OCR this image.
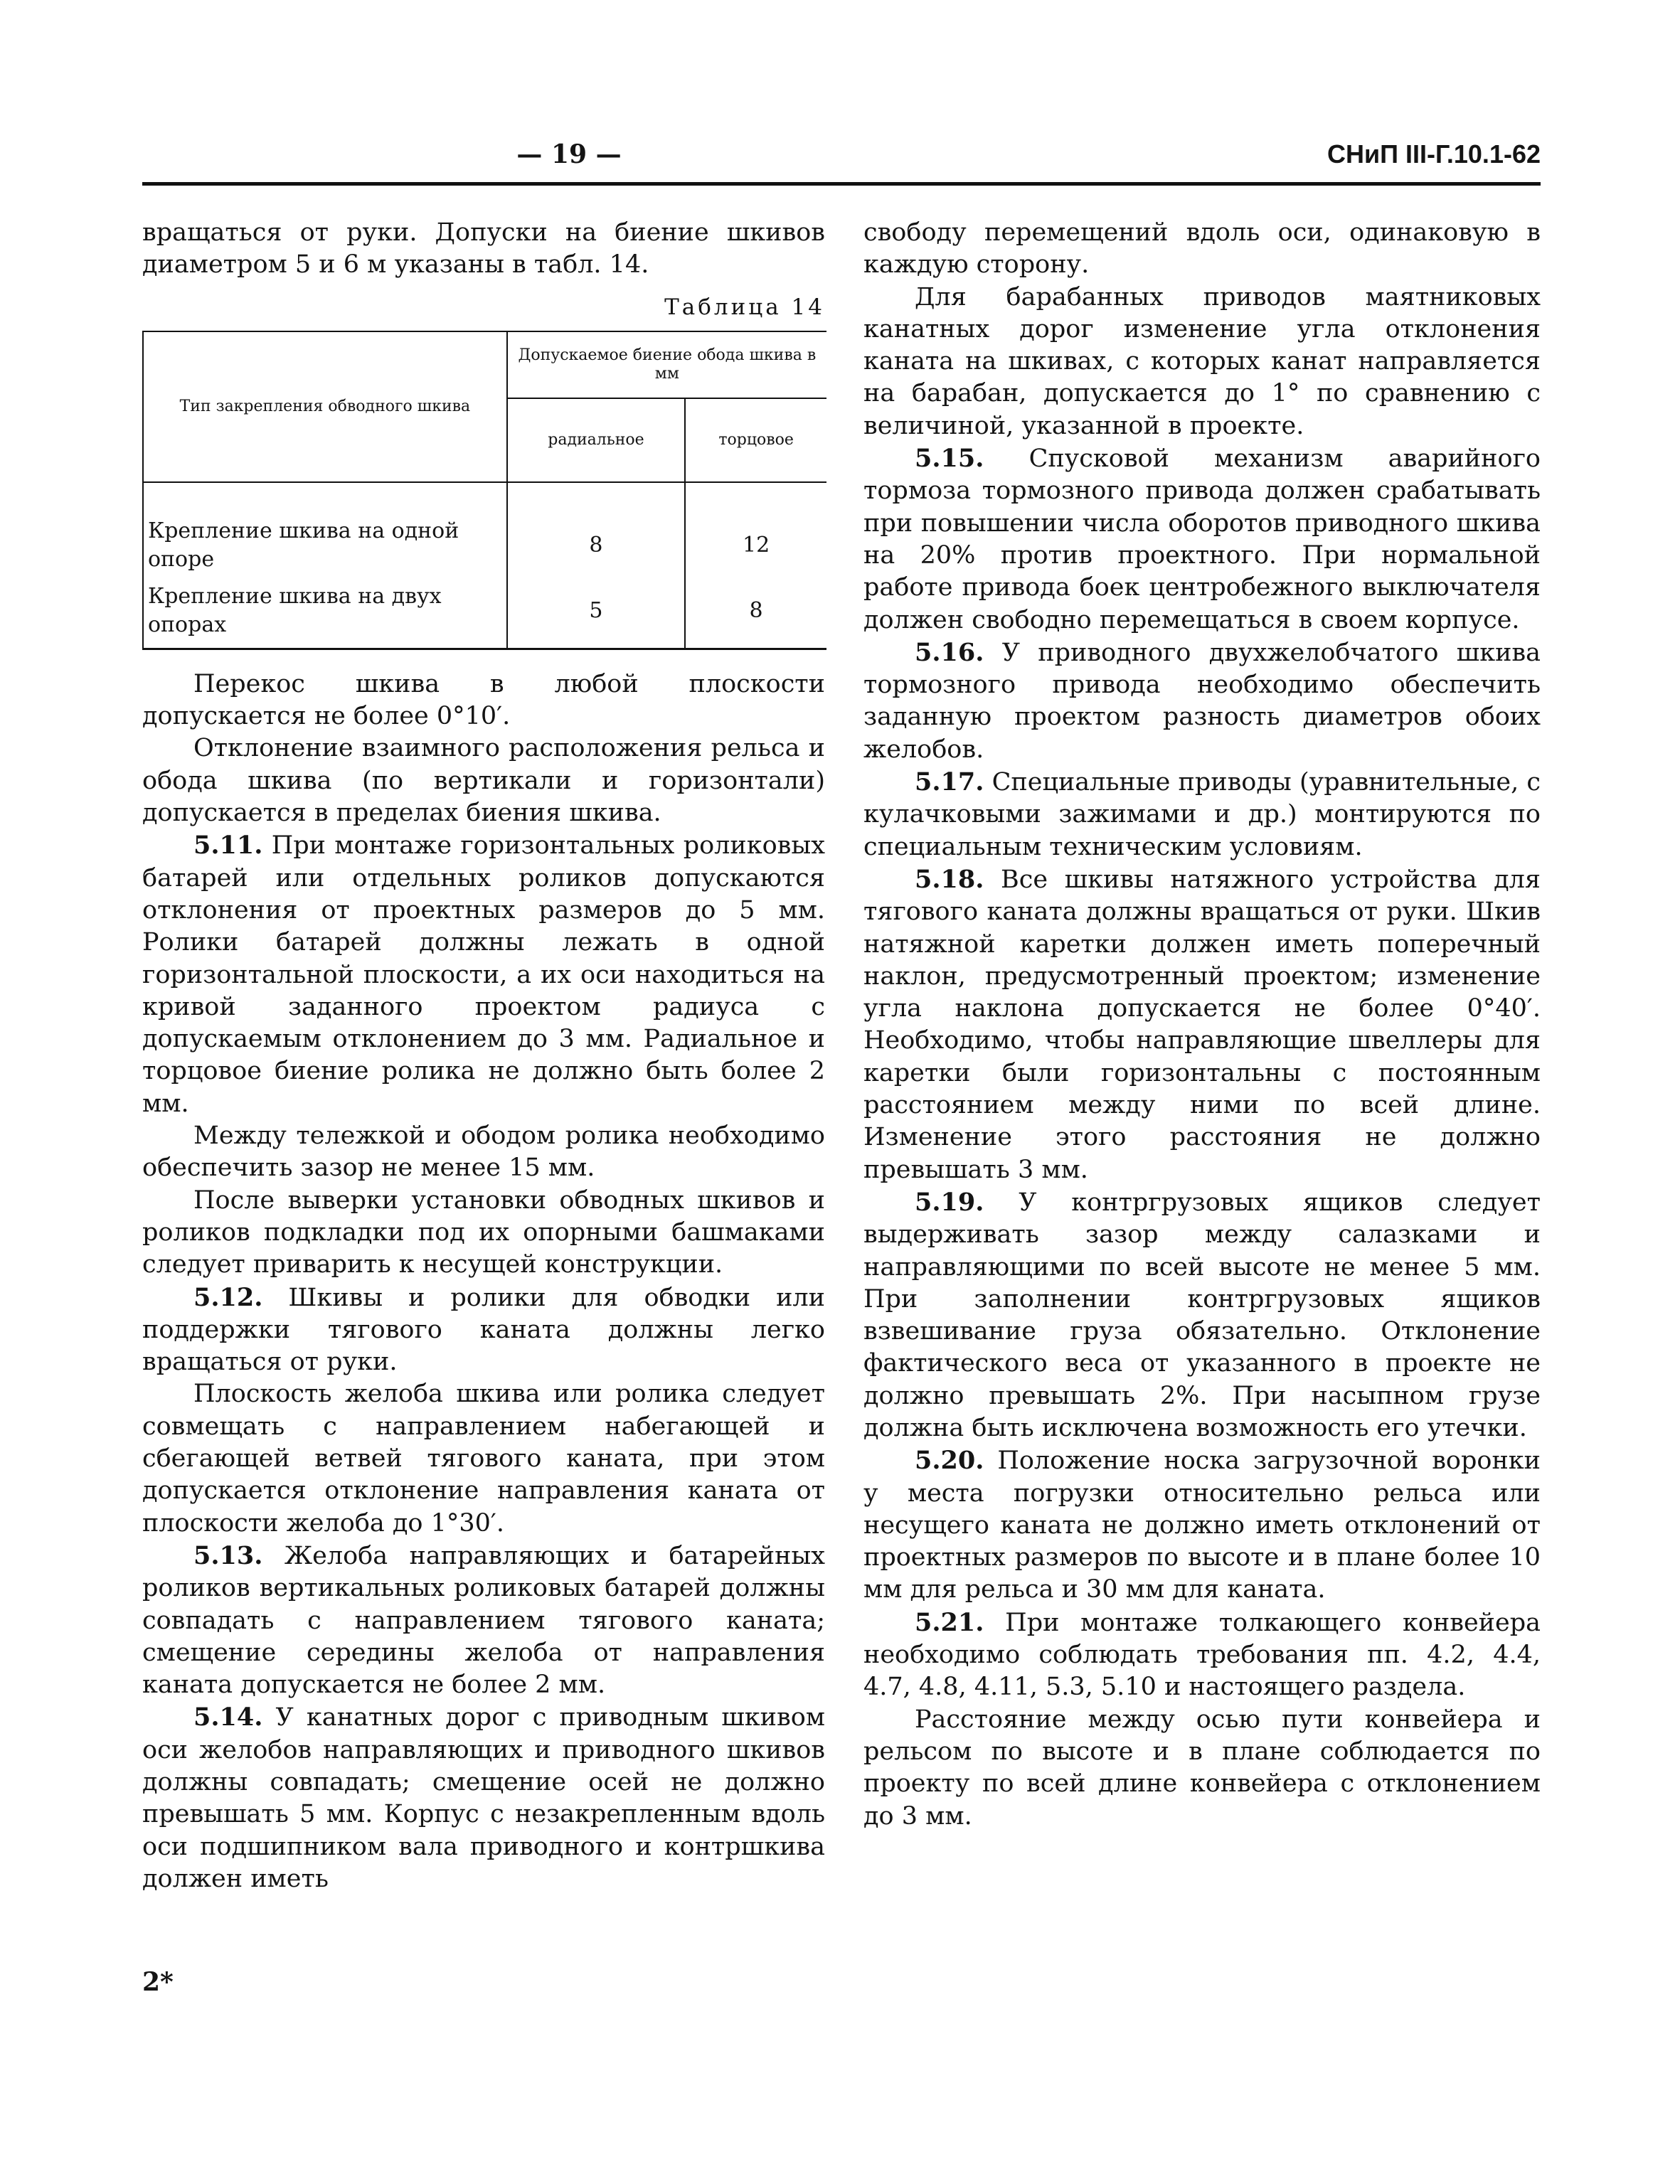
— 19 —	СНиП III-Г.10.1-62

вращаться от руки. Допуски на биение шкивов диаметром 5 и 6 м указаны в табл. 14.

Таблица 14
Тип закрепления обводного шкива	Допускаемое биение обода шкива в мм	
	радиальное	торцовое
Крепление шкива на одной опоре	8	12
Крепление шкива на двух опорах	5	8

Перекос шкива в любой плоскости допускается не более 0°10′.

Отклонение взаимного расположения рельса и обода шкива (по вертикали и горизонтали) допускается в пределах биения шкива.

5.11. При монтаже горизонтальных роликовых батарей или отдельных роликов допускаются отклонения от проектных размеров до 5 мм. Ролики батарей должны лежать в одной горизонтальной плоскости, а их оси находиться на кривой заданного проектом радиуса с допускаемым отклонением до 3 мм. Радиальное и торцовое биение ролика не должно быть более 2 мм.

Между тележкой и ободом ролика необходимо обеспечить зазор не менее 15 мм.

После выверки установки обводных шкивов и роликов подкладки под их опорными башмаками следует приварить к несущей конструкции.

5.12. Шкивы и ролики для обводки или поддержки тягового каната должны легко вращаться от руки.

Плоскость желоба шкива или ролика следует совмещать с направлением набегающей и сбегающей ветвей тягового каната, при этом допускается отклонение направления каната от плоскости желоба до 1°30′.

5.13. Желоба направляющих и батарейных роликов вертикальных роликовых батарей должны совпадать с направлением тягового каната; смещение середины желоба от направления каната допускается не более 2 мм.

5.14. У канатных дорог с приводным шкивом оси желобов направляющих и приводного шкивов должны совпадать; смещение осей не должно превышать 5 мм. Корпус с незакрепленным вдоль оси подшипником вала приводного и контршкива должен иметь

свободу перемещений вдоль оси, одинаковую в каждую сторону.

Для барабанных приводов маятниковых канатных дорог изменение угла отклонения каната на шкивах, с которых канат направляется на барабан, допускается до 1° по сравнению с величиной, указанной в проекте.

5.15. Спусковой механизм аварийного тормоза тормозного привода должен срабатывать при повышении числа оборотов приводного шкива на 20% против проектного. При нормальной работе привода боек центробежного выключателя должен свободно перемещаться в своем корпусе.

5.16. У приводного двухжелобчатого шкива тормозного привода необходимо обеспечить заданную проектом разность диаметров обоих желобов.

5.17. Специальные приводы (уравнительные, с кулачковыми зажимами и др.) монтируются по специальным техническим условиям.

5.18. Все шкивы натяжного устройства для тягового каната должны вращаться от руки. Шкив натяжной каретки должен иметь поперечный наклон, предусмотренный проектом; изменение угла наклона допускается не более 0°40′. Необходимо, чтобы направляющие швеллеры для каретки были горизонтальны с постоянным расстоянием между ними по всей длине. Изменение этого расстояния не должно превышать 3 мм.

5.19. У контргрузовых ящиков следует выдерживать зазор между салазками и направляющими по всей высоте не менее 5 мм. При заполнении контргрузовых ящиков взвешивание груза обязательно. Отклонение фактического веса от указанного в проекте не должно превышать 2%. При насыпном грузе должна быть исключена возможность его утечки.

5.20. Положение носка загрузочной воронки у места погрузки относительно рельса или несущего каната не должно иметь отклонений от проектных размеров по высоте и в плане более 10 мм для рельса и 30 мм для каната.

5.21. При монтаже толкающего конвейера необходимо соблюдать требования пп. 4.2, 4.4, 4.7, 4.8, 4.11, 5.3, 5.10 и настоящего раздела.

Расстояние между осью пути конвейера и рельсом по высоте и в плане соблюдается по проекту по всей длине конвейера с отклонением до 3 мм.

2*
